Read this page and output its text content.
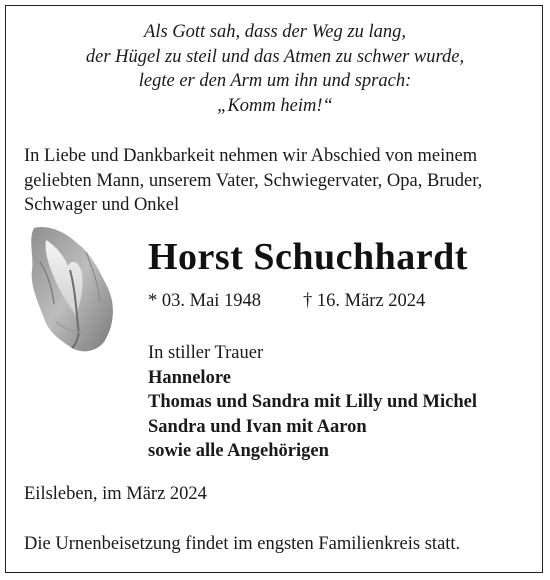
Als Gott sah, dass der Weg zu lang,
der Hügel zu steil und das Atmen zu schwer wurde,
legte er den Arm um ihn und sprach:
„Komm heim!“
In Liebe und Dankbarkeit nehmen wir Abschied von meinem
geliebten Mann, unserem Vater, Schwiegervater, Opa, Bruder,
Schwager und Onkel
Horst Schuchhardt
* 03. Mai 1948 † 16. März 2024
In stiller Trauer
Hannelore
Thomas und Sandra mit Lilly und Michel
Sandra und Ivan mit Aaron
sowie alle Angehörigen
Eilsleben, im März 2024
Die Urnenbeisetzung findet im engsten Familienkreis statt.
